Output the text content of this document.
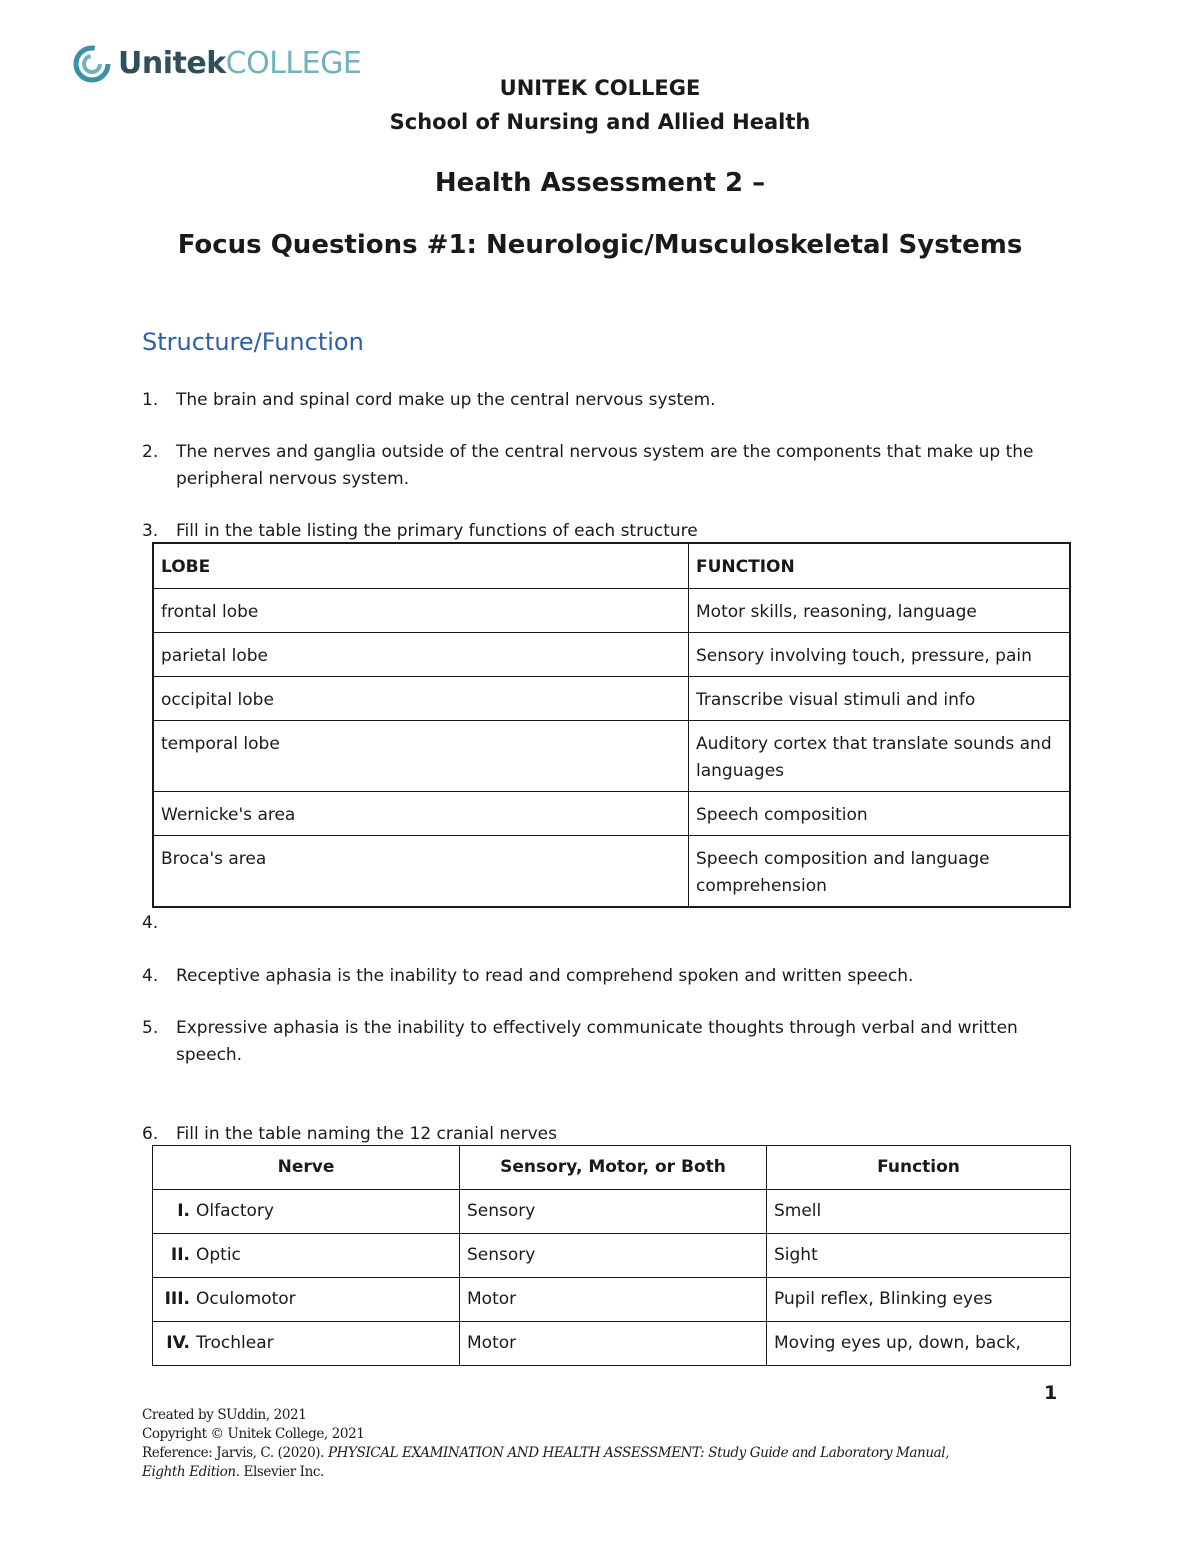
UnitekCOLLEGE
UNITEK COLLEGE
School of Nursing and Allied Health
Health Assessment 2 –
Focus Questions #1: Neurologic/Musculoskeletal Systems
Structure/Function
1.	The brain and spinal cord make up the central nervous system.
2.	The nerves and ganglia outside of the central nervous system are the components that make up the
peripheral nervous system.
3.	Fill in the table listing the primary functions of each structure
LOBE	FUNCTION
frontal lobe	Motor skills, reasoning, language
parietal lobe	Sensory involving touch, pressure, pain
occipital lobe	Transcribe visual stimuli and info
temporal lobe	Auditory cortex that translate sounds and languages
Wernicke's area	Speech composition
Broca's area	Speech composition and language comprehension
4.
4.	Receptive aphasia is the inability to read and comprehend spoken and written speech.
5.	Expressive aphasia is the inability to effectively communicate thoughts through verbal and written
speech.
6.	Fill in the table naming the 12 cranial nerves
Nerve	Sensory, Motor, or Both	Function
I. Olfactory	Sensory	Smell
II. Optic	Sensory	Sight
III. Oculomotor	Motor	Pupil reflex, Blinking eyes
IV. Trochlear	Motor	Moving eyes up, down, back,
1
Created by SUddin, 2021
Copyright © Unitek College, 2021
Reference: Jarvis, C. (2020). PHYSICAL EXAMINATION AND HEALTH ASSESSMENT: Study Guide and Laboratory Manual,
Eighth Edition. Elsevier Inc.
